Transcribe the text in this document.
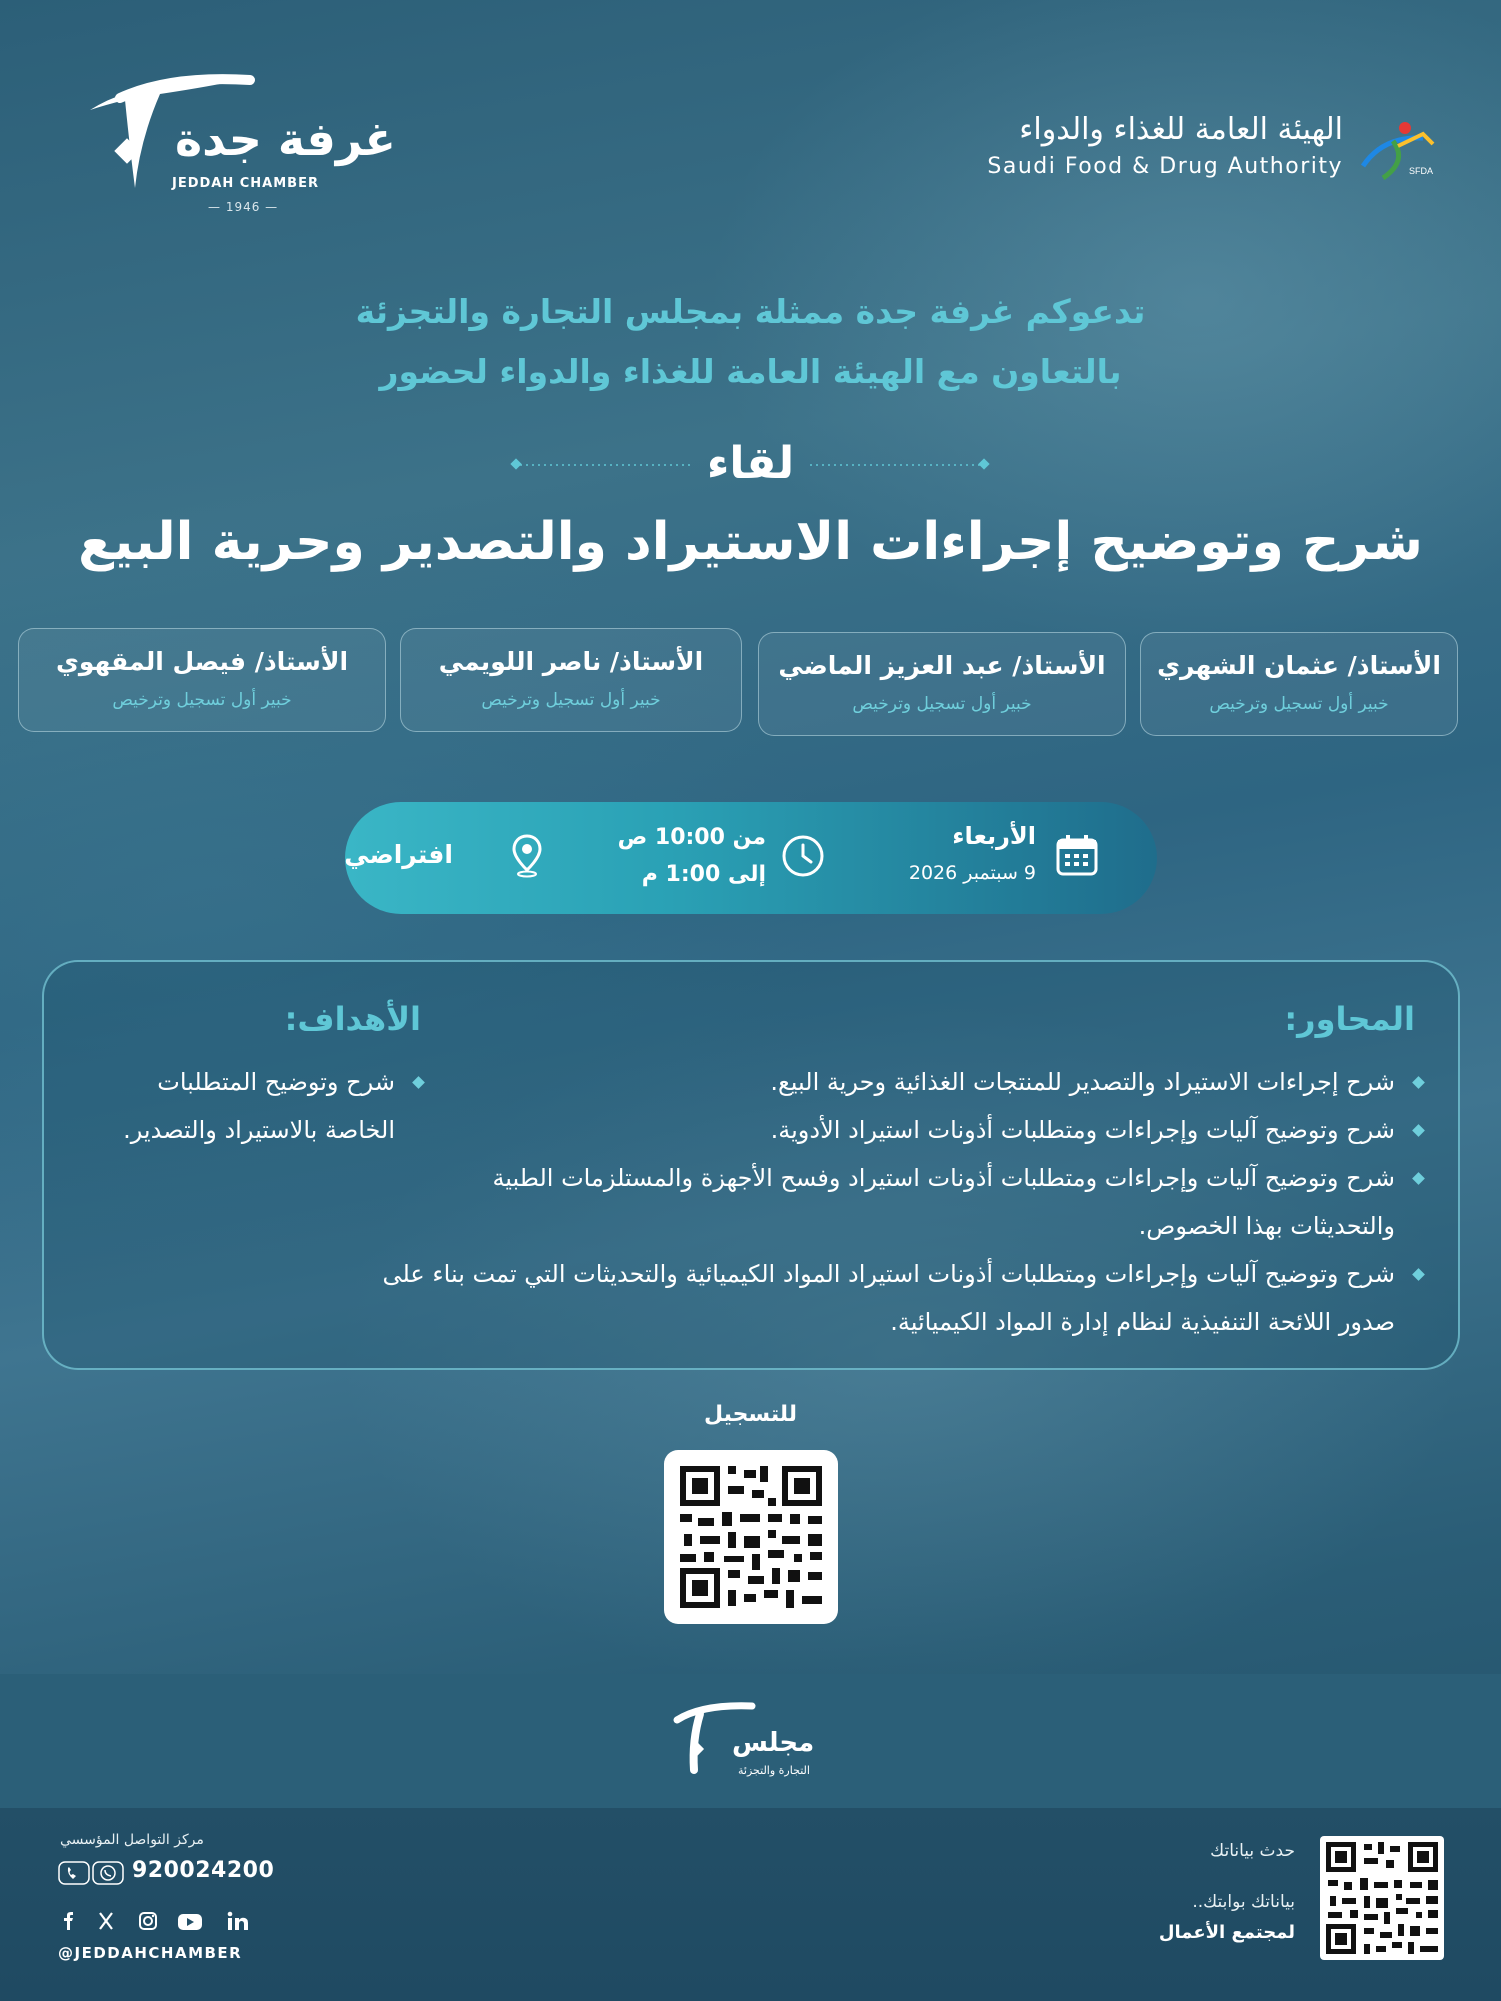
غرفة جدة
JEDDAH CHAMBER
— 1946 —
الهيئة العامة للغذاء والدواء
Saudi Food & Drug Authority	SFDA
تدعوكم غرفة جدة ممثلة بمجلس التجارة والتجزئة
بالتعاون مع الهيئة العامة للغذاء والدواء لحضور
لقاء
شرح وتوضيح إجراءات الاستيراد والتصدير وحرية البيع
الأستاذ/ عثمان الشهري
خبير أول تسجيل وترخيص
الأستاذ/ عبد العزيز الماضي
خبير أول تسجيل وترخيص
الأستاذ/ ناصر اللويمي
خبير أول تسجيل وترخيص
الأستاذ/ فيصل المقهوي
خبير أول تسجيل وترخيص
الأربعاء
9 سبتمبر 2026
من 10:00 ص
إلى 1:00 م
افتراضي
المحاور:
الأهداف:
شرح إجراءات الاستيراد والتصدير للمنتجات الغذائية وحرية البيع.
شرح وتوضيح آليات وإجراءات ومتطلبات أذونات استيراد الأدوية.
شرح وتوضيح آليات وإجراءات ومتطلبات أذونات استيراد وفسح الأجهزة والمستلزمات الطبية والتحديثات بهذا الخصوص.
شرح وتوضيح آليات وإجراءات ومتطلبات أذونات استيراد المواد الكيميائية والتحديثات التي تمت بناء على صدور اللائحة التنفيذية لنظام إدارة المواد الكيميائية.
شرح وتوضيح المتطلبات الخاصة بالاستيراد والتصدير.
للتسجيل
مجلس
التجارة والتجزئة
مركز التواصل المؤسسي
920024200
@JEDDAHCHAMBER
حدث بياناتك
بياناتك بوابتك..
لمجتمع الأعمال
